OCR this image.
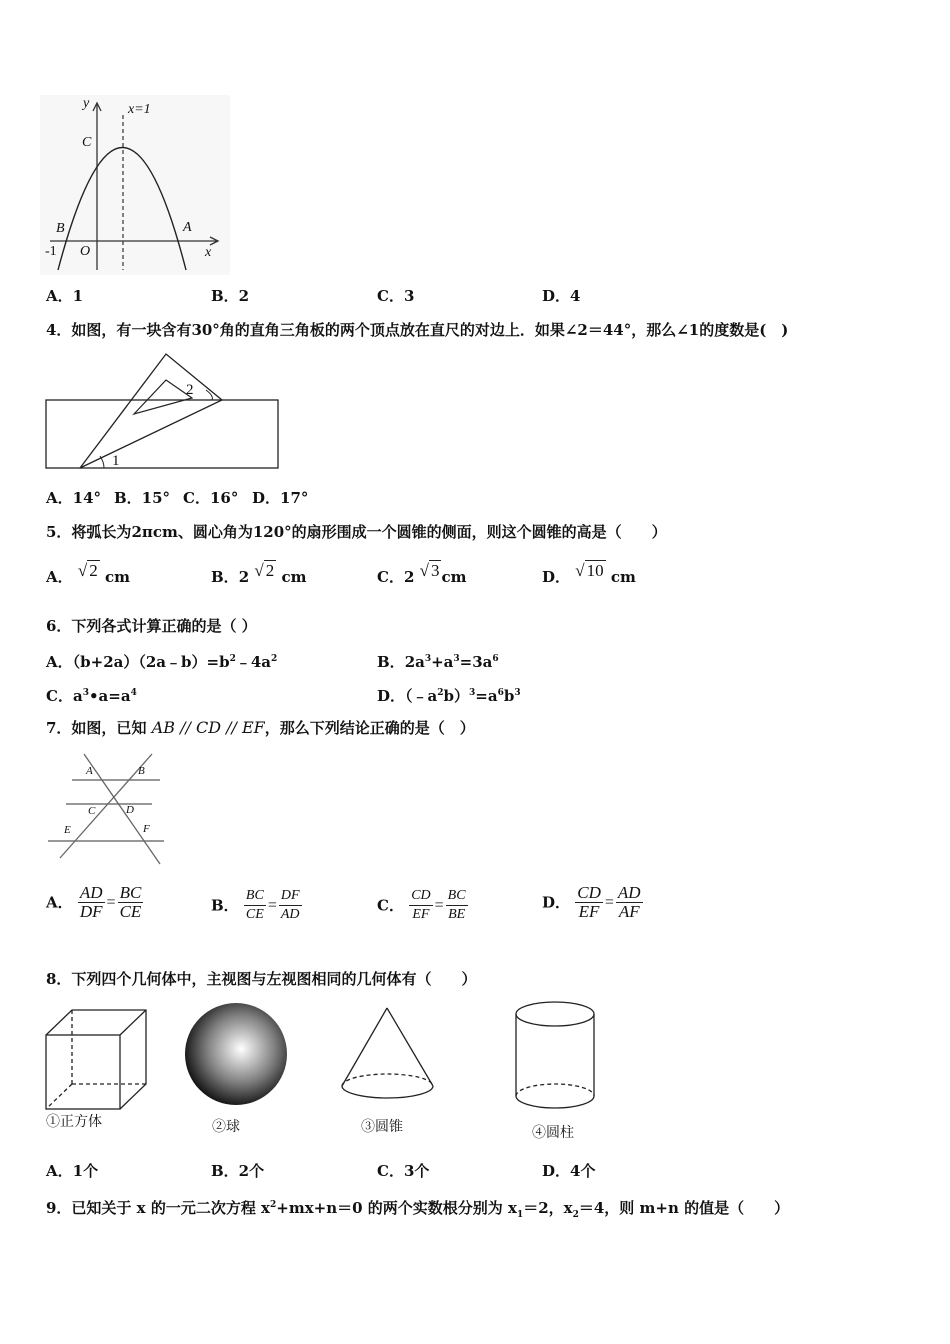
y	x=1
C
B	A
-1 O	x
A．1	B．2	C．3	D．4
4．如图，有一块含有30°角的直角三角板的两个顶点放在直尺的对边上．如果∠2＝44°，那么∠1的度数是(　)
2
1
A．14° B．15° C．16° D．17°
5．将弧长为2πcm、圆心角为120°的扇形围成一个圆锥的侧面，则这个圆锥的高是（　　）
A． √ 2 cm	B．2 √ 2 cm	C．2 √ 3 cm	D． √ 10 cm
6．下列各式计算正确的是（ ）
A．$(b+2a)(2a﹣b)=b^2﹣4a^2$	B．$2a^3+a^3=3a^6$
C．$a^3•a=a^4$	D．$(﹣a^2b)^3=a^6b^3$
7．如图，已知 AB // CD // EF，那么下列结论正确的是（　）
A	B
C	D
E	F
A． $\frac{AD}{DF} = \frac{BC}{CE}$	B． $\frac{BC}{CE} = \frac{DF}{AD}$	C． $\frac{CD}{EF} = \frac{BC}{BE}$	D． $\frac{CD}{EF} = \frac{AD}{AF}$
8．下列四个几何体中，主视图与左视图相同的几何体有（　　）
①正方体	②球	③圆锥	④圆柱
A．1个	B．2个	C．3个	D．4个
9．已知关于 x 的一元二次方程 $x^2+mx+n=0$ 的两个实数根分别为 $x_1=2$，$x_2=4$，则 m+n 的值是（　　）
